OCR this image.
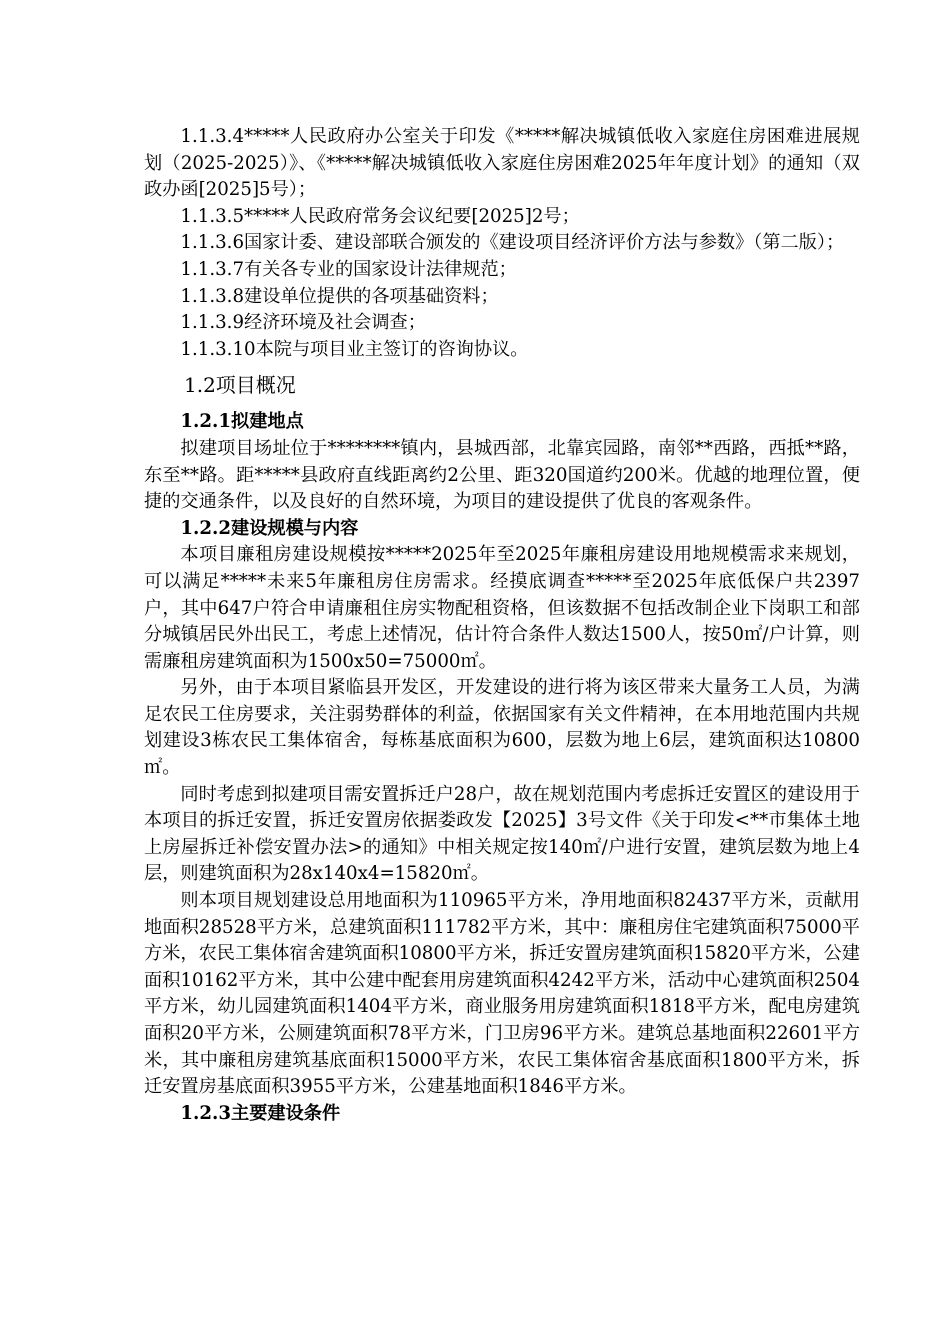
1.1.3.4*****人民政府办公室关于印发《*****解决城镇低收入家庭住房困难进展规划（2025-2025）》、《*****解决城镇低收入家庭住房困难2025年年度计划》的通知（双政办函[2025]5号）；

1.1.3.5*****人民政府常务会议纪要[2025]2号；

1.1.3.6国家计委、建设部联合颁发的《建设项目经济评价方法与参数》（第二版）；

1.1.3.7有关各专业的国家设计法律规范；

1.1.3.8建设单位提供的各项基础资料；

1.1.3.9经济环境及社会调查；

1.1.3.10本院与项目业主签订的咨询协议。

1.2项目概况
1.2.1拟建地点

拟建项目场址位于********镇内，县城西部，北靠宾园路，南邻**西路，西抵**路，东至**路。距*****县政府直线距离约2公里、距320国道约200米。优越的地理位置，便捷的交通条件，以及良好的自然环境，为项目的建设提供了优良的客观条件。

1.2.2建设规模与内容

本项目廉租房建设规模按*****2025年至2025年廉租房建设用地规模需求来规划，可以满足*****未来5年廉租房住房需求。经摸底调查*****至2025年底低保户共2397户，其中647户符合申请廉租住房实物配租资格，但该数据不包括改制企业下岗职工和部分城镇居民外出民工，考虑上述情况，估计符合条件人数达1500人，按50㎡/户计算，则需廉租房建筑面积为1500x50=75000㎡。

另外，由于本项目紧临县开发区，开发建设的进行将为该区带来大量务工人员，为满足农民工住房要求，关注弱势群体的利益，依据国家有关文件精神，在本用地范围内共规划建设3栋农民工集体宿舍，每栋基底面积为600，层数为地上6层，建筑面积达10800㎡。

同时考虑到拟建项目需安置拆迁户28户，故在规划范围内考虑拆迁安置区的建设用于本项目的拆迁安置，拆迁安置房依据娄政发【2025】3号文件《关于印发<**市集体土地上房屋拆迁补偿安置办法>的通知》中相关规定按140㎡/户进行安置，建筑层数为地上4层，则建筑面积为28x140x4=15820㎡。

则本项目规划建设总用地面积为110965平方米，净用地面积82437平方米，贡献用地面积28528平方米，总建筑面积111782平方米，其中：廉租房住宅建筑面积75000平方米，农民工集体宿舍建筑面积10800平方米，拆迁安置房建筑面积15820平方米，公建面积10162平方米，其中公建中配套用房建筑面积4242平方米，活动中心建筑面积2504平方米，幼儿园建筑面积1404平方米，商业服务用房建筑面积1818平方米，配电房建筑面积20平方米，公厕建筑面积78平方米，门卫房96平方米。建筑总基地面积22601平方米，其中廉租房建筑基底面积15000平方米，农民工集体宿舍基底面积1800平方米，拆迁安置房基底面积3955平方米，公建基地面积1846平方米。

1.2.3主要建设条件
